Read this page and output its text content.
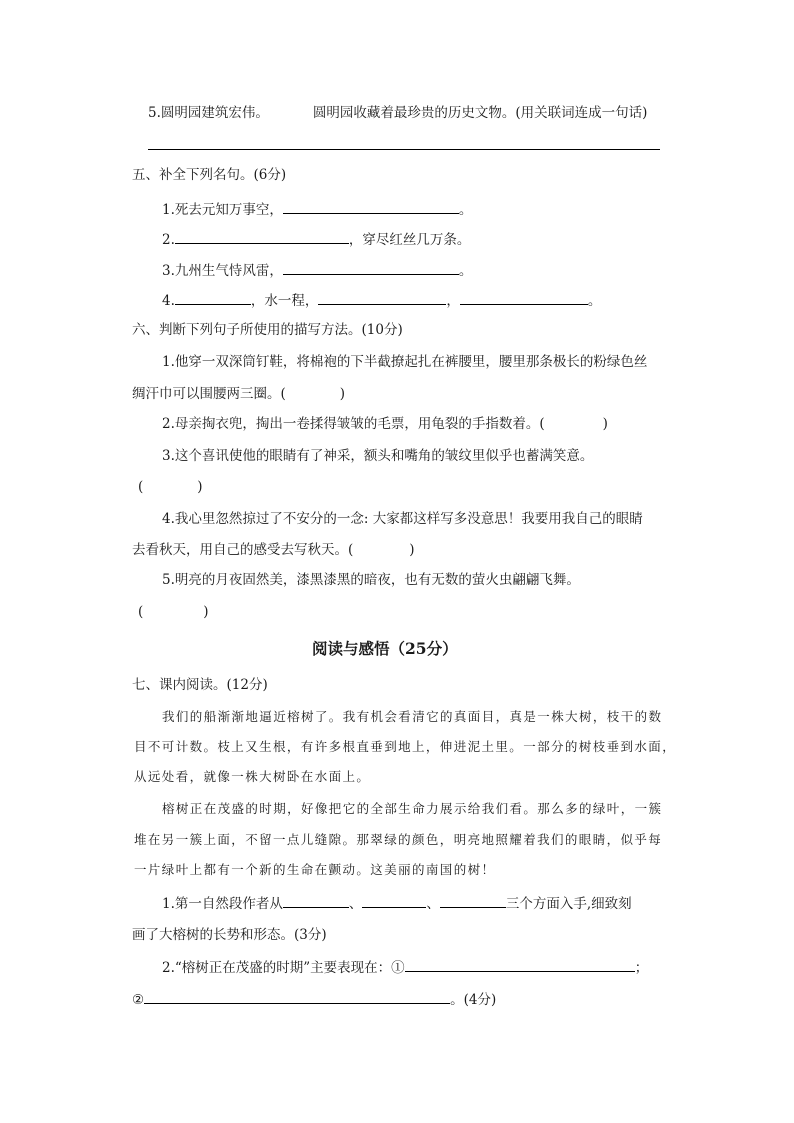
5.圆明园建筑宏伟。	圆明园收藏着最珍贵的历史文物。(用关联词连成一句话)
五、补全下列名句。(6分)
1.死去元知万事空，	。
2.	，穿尽红丝几万条。
3.九州生气恃风雷，	。
4.	，水一程，	，	。
六、判断下列句子所使用的描写方法。(10分)
1.他穿一双深筒钉鞋，将棉袍的下半截撩起扎在裤腰里，腰里那条极长的粉绿色丝
绸汗巾可以围腰两三圈。(	)
2.母亲掏衣兜，掏出一卷揉得皱皱的毛票，用龟裂的手指数着。(	)
3.这个喜讯使他的眼睛有了神采，额头和嘴角的皱纹里似乎也蓄满笑意。
(	)
4.我心里忽然掠过了不安分的一念: 大家都这样写多没意思！我要用我自己的眼睛
去看秋天，用自己的感受去写秋天。(	)
5.明亮的月夜固然美，漆黑漆黑的暗夜，也有无数的萤火虫翩翩飞舞。
(	)
阅读与感悟（25分）
七、课内阅读。(12分)
我们的船渐渐地逼近榕树了。我有机会看清它的真面目，真是一株大树，枝干的数
目不可计数。枝上又生根，有许多根直垂到地上，伸进泥土里。一部分的树枝垂到水面，
从远处看，就像一株大树卧在水面上。
榕树正在茂盛的时期，好像把它的全部生命力展示给我们看。那么多的绿叶，一簇
堆在另一簇上面，不留一点儿缝隙。那翠绿的颜色，明亮地照耀着我们的眼睛，似乎每
一片绿叶上都有一个新的生命在颤动。这美丽的南国的树！
1.第一自然段作者从	、	、	三个方面入手,细致刻
画了大榕树的长势和形态。(3分)
2.“榕树正在茂盛的时期”主要表现在：①	；
②	。(4分)
